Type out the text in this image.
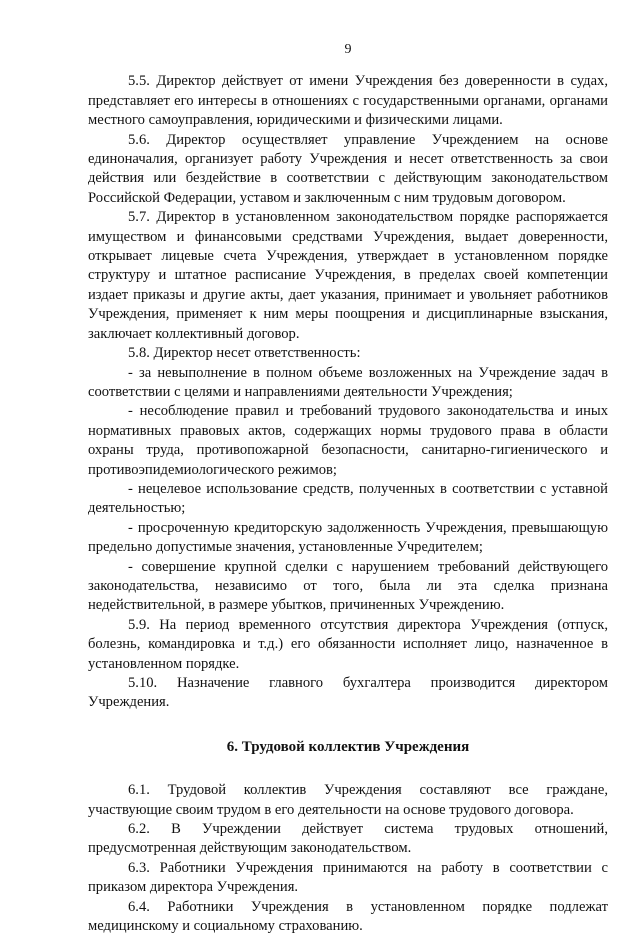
9

5.5. Директор действует от имени Учреждения без доверенности в судах, представляет его интересы в отношениях с государственными органами, органами местного самоуправления, юридическими и физическими лицами.

5.6. Директор осуществляет управление Учреждением на основе единоначалия, организует работу Учреждения и несет ответственность за свои действия или бездействие в соответствии с действующим законодательством Российской Федерации, уставом и заключенным с ним трудовым договором.

5.7. Директор в установленном законодательством порядке распоряжается имуществом и финансовыми средствами Учреждения, выдает доверенности, открывает лицевые счета Учреждения, утверждает в установленном порядке структуру и штатное расписание Учреждения, в пределах своей компетенции издает приказы и другие акты, дает указания, принимает и увольняет работников Учреждения, применяет к ним меры поощрения и дисциплинарные взыскания, заключает коллективный договор.

5.8. Директор несет ответственность:

- за невыполнение в полном объеме возложенных на Учреждение задач в соответствии с целями и направлениями деятельности Учреждения;

- несоблюдение правил и требований трудового законодательства и иных нормативных правовых актов, содержащих нормы трудового права в области охраны труда, противопожарной безопасности, санитарно-гигиенического и противоэпидемиологического режимов;

- нецелевое использование средств, полученных в соответствии с уставной деятельностью;

- просроченную кредиторскую задолженность Учреждения, превышающую предельно допустимые значения, установленные Учредителем;

- совершение крупной сделки с нарушением требований действующего законодательства, независимо от того, была ли эта сделка признана недействительной, в размере убытков, причиненных Учреждению.

5.9. На период временного отсутствия директора Учреждения (отпуск, болезнь, командировка и т.д.) его обязанности исполняет лицо, назначенное в установленном порядке.

5.10. Назначение главного бухгалтера производится директором Учреждения.

6. Трудовой коллектив Учреждения

6.1. Трудовой коллектив Учреждения составляют все граждане, участвующие своим трудом в его деятельности на основе трудового договора.

6.2. В Учреждении действует система трудовых отношений, предусмотренная действующим законодательством.

6.3. Работники Учреждения принимаются на работу в соответствии с приказом директора Учреждения.

6.4. Работники Учреждения в установленном порядке подлежат медицинскому и социальному страхованию.
